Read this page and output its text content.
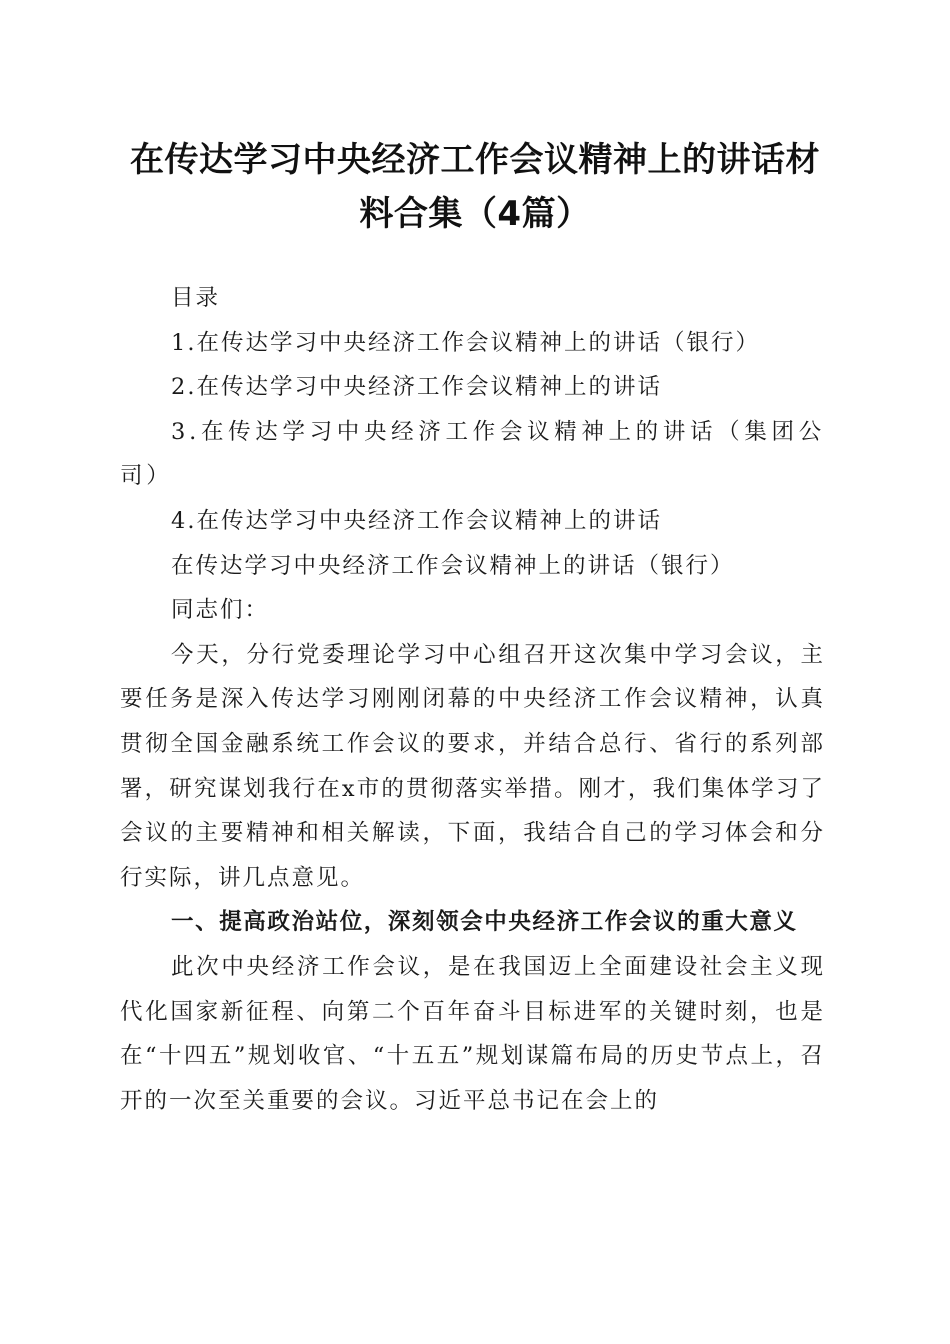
在传达学习中央经济工作会议精神上的讲话材
料合集（4篇）

目录

1.在传达学习中央经济工作会议精神上的讲话（银行）

2.在传达学习中央经济工作会议精神上的讲话

3.在传达学习中央经济工作会议精神上的讲话（集团公司）

4.在传达学习中央经济工作会议精神上的讲话

在传达学习中央经济工作会议精神上的讲话（银行）

同志们：

今天，分行党委理论学习中心组召开这次集中学习会议，主要任务是深入传达学习刚刚闭幕的中央经济工作会议精神，认真贯彻全国金融系统工作会议的要求，并结合总行、省行的系列部署，研究谋划我行在x市的贯彻落实举措。刚才，我们集体学习了会议的主要精神和相关解读，下面，我结合自己的学习体会和分行实际，讲几点意见。

一、提高政治站位，深刻领会中央经济工作会议的重大意义

此次中央经济工作会议，是在我国迈上全面建设社会主义现代化国家新征程、向第二个百年奋斗目标进军的关键时刻，也是在“十四五”规划收官、“十五五”规划谋篇布局的历史节点上，召开的一次至关重要的会议。习近平总书记在会上的
